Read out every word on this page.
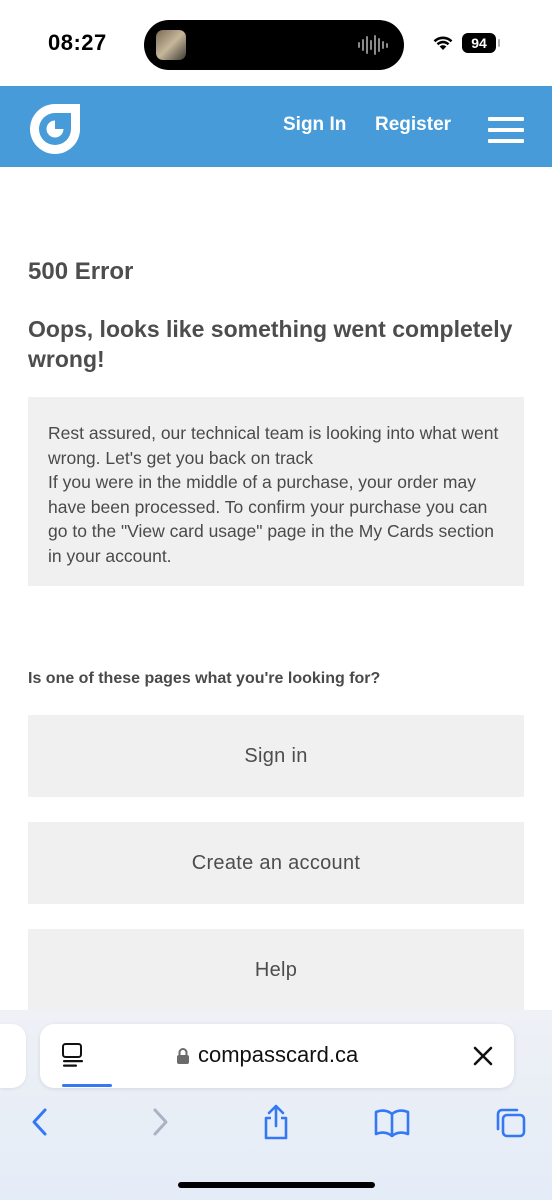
08:27	94
Sign In Register
500 Error
Oops, looks like something went completely wrong!

Rest assured, our technical team is looking into what went wrong. Let's get you back on track

If you were in the middle of a purchase, your order may have been processed. To confirm your purchase you can go to the "View card usage" page in the My Cards section in your account.

Is one of these pages what you're looking for?
Sign in
Create an account
Help
compasscard.ca
